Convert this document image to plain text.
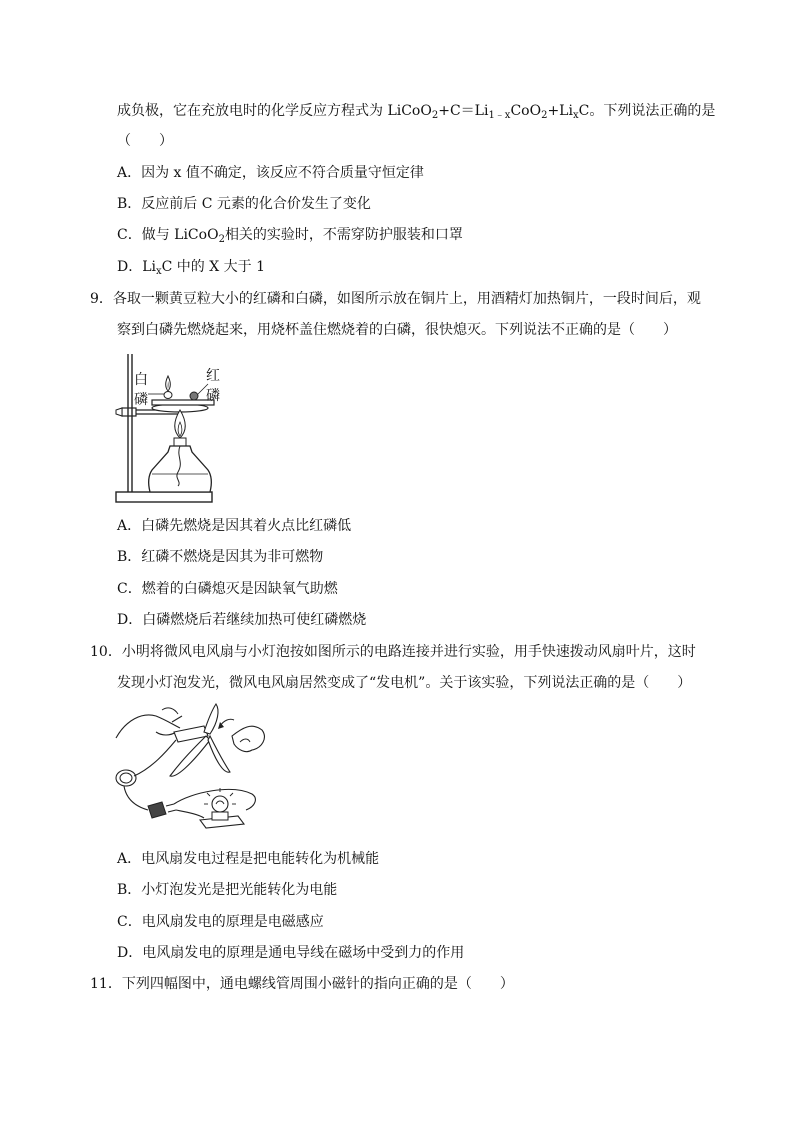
成负极，它在充放电时的化学反应方程式为 $LiCoO_2+C=Li_{1﹣x}CoO_2+Li_xC$。下列说法正确的是
（　　）
A．因为 x 值不确定，该反应不符合质量守恒定律
B．反应前后 C 元素的化合价发生了变化
C．做与 LiCoO$_2$相关的实验时，不需穿防护服装和口罩
D．$Li_xC$ 中的 X 大于 1
9．各取一颗黄豆粒大小的红磷和白磷，如图所示放在铜片上，用酒精灯加热铜片，一段时间后，观
察到白磷先燃烧起来，用烧杯盖住燃烧着的白磷，很快熄灭。下列说法不正确的是（　　）
白
磷
红
磷
A．白磷先燃烧是因其着火点比红磷低
B．红磷不燃烧是因其为非可燃物
C．燃着的白磷熄灭是因缺氧气助燃
D．白磷燃烧后若继续加热可使红磷燃烧
10．小明将微风电风扇与小灯泡按如图所示的电路连接并进行实验，用手快速拨动风扇叶片，这时
发现小灯泡发光，微风电风扇居然变成了“发电机”。关于该实验，下列说法正确的是（　　）
A．电风扇发电过程是把电能转化为机械能
B．小灯泡发光是把光能转化为电能
C．电风扇发电的原理是电磁感应
D．电风扇发电的原理是通电导线在磁场中受到力的作用
11．下列四幅图中，通电螺线管周围小磁针的指向正确的是（　　）
